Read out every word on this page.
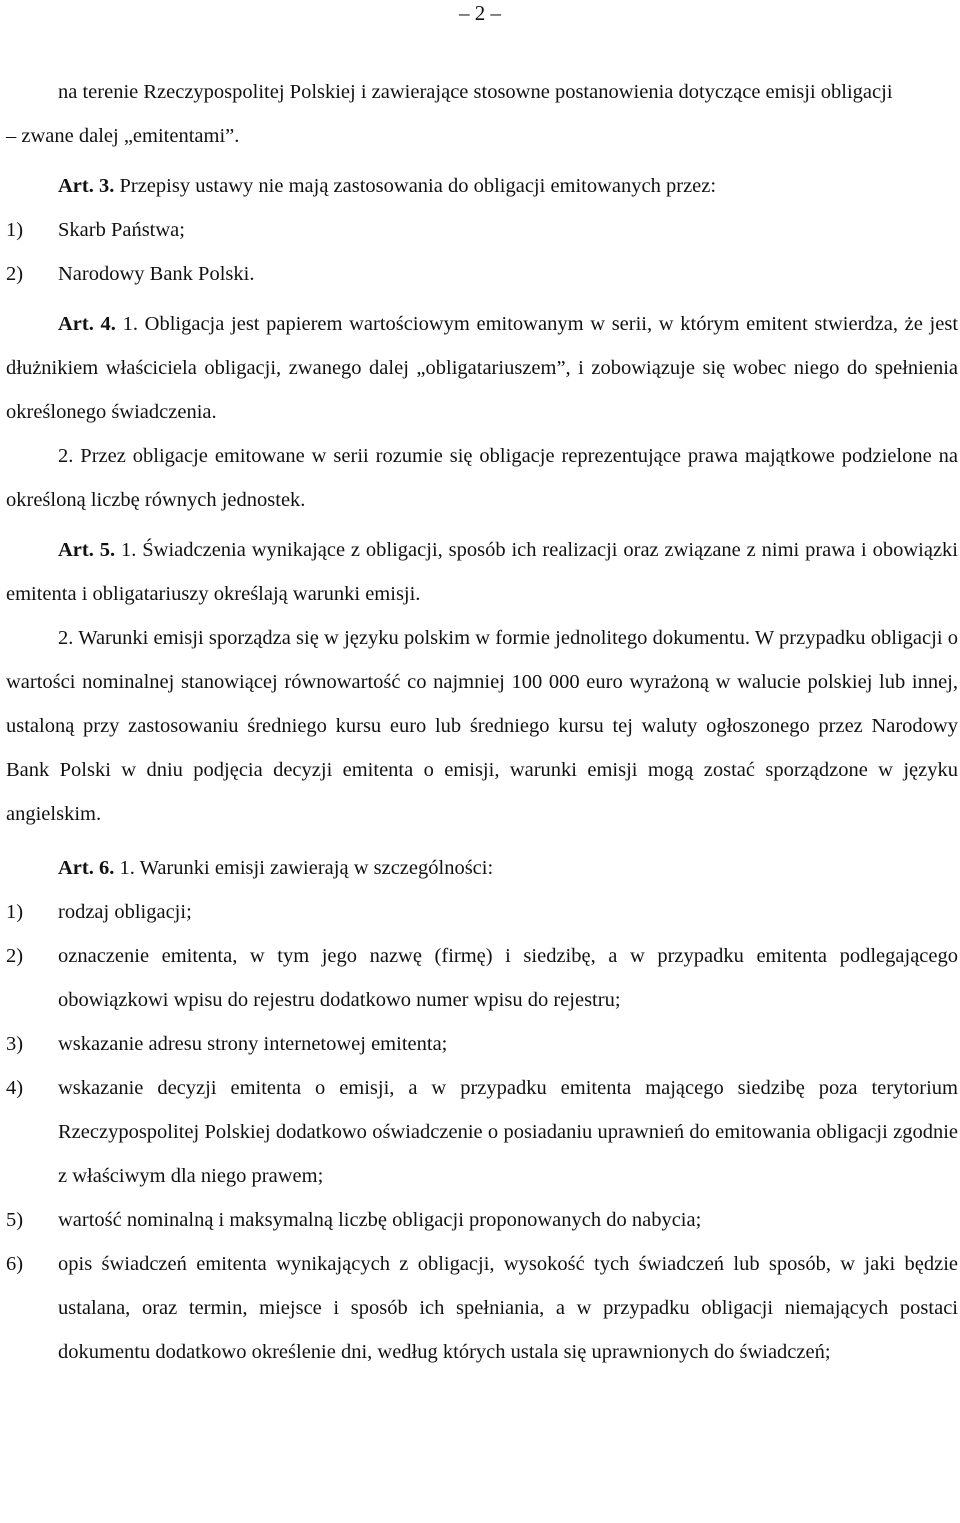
– 2 –

na terenie Rzeczypospolitej Polskiej i zawierające stosowne postanowienia dotyczące emisji obligacji

– zwane dalej „emitentami”.

Art. 3. Przepisy ustawy nie mają zastosowania do obligacji emitowanych przez:

1)	Skarb Państwa;
2)	Narodowy Bank Polski.

Art. 4. 1. Obligacja jest papierem wartościowym emitowanym w serii, w którym emitent stwierdza, że jest dłużnikiem właściciela obligacji, zwanego dalej „obligatariuszem”, i zobowiązuje się wobec niego do spełnienia określonego świadczenia.

2. Przez obligacje emitowane w serii rozumie się obligacje reprezentujące prawa majątkowe podzielone na określoną liczbę równych jednostek.

Art. 5. 1. Świadczenia wynikające z obligacji, sposób ich realizacji oraz związane z nimi prawa i obowiązki emitenta i obligatariuszy określają warunki emisji.

2. Warunki emisji sporządza się w języku polskim w formie jednolitego dokumentu. W przypadku obligacji o wartości nominalnej stanowiącej równowartość co najmniej 100 000 euro wyrażoną w walucie polskiej lub innej, ustaloną przy zastosowaniu średniego kursu euro lub średniego kursu tej waluty ogłoszonego przez Narodowy Bank Polski w dniu podjęcia decyzji emitenta o emisji, warunki emisji mogą zostać sporządzone w języku angielskim.

Art. 6. 1. Warunki emisji zawierają w szczególności:

1)	rodzaj obligacji;
2)	oznaczenie emitenta, w tym jego nazwę (firmę) i siedzibę, a w przypadku emitenta podlegającego obowiązkowi wpisu do rejestru dodatkowo numer wpisu do rejestru;
3)	wskazanie adresu strony internetowej emitenta;
4)	wskazanie decyzji emitenta o emisji, a w przypadku emitenta mającego siedzibę poza terytorium Rzeczypospolitej Polskiej dodatkowo oświadczenie o posiadaniu uprawnień do emitowania obligacji zgodnie z właściwym dla niego prawem;
5)	wartość nominalną i maksymalną liczbę obligacji proponowanych do nabycia;
6)	opis świadczeń emitenta wynikających z obligacji, wysokość tych świadczeń lub sposób, w jaki będzie ustalana, oraz termin, miejsce i sposób ich spełniania, a w przypadku obligacji niemających postaci dokumentu dodatkowo określenie dni, według których ustala się uprawnionych do świadczeń;
